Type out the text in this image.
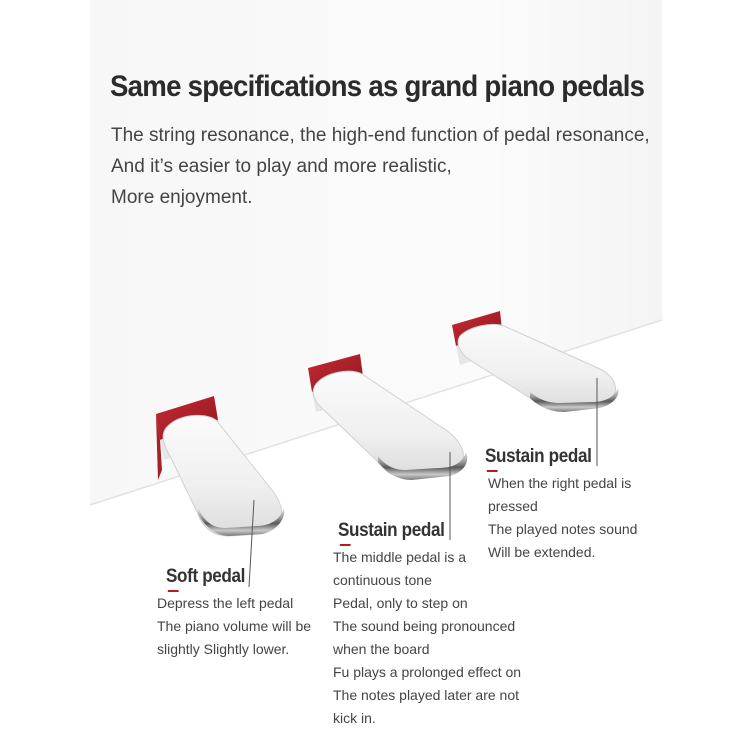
Same specifications as grand piano pedals
The string resonance, the high-end function of pedal resonance,
And it’s easier to play and more realistic,
More enjoyment.
Soft pedal
Depress the left pedal
The piano volume will be
slightly Slightly lower.
Sustain pedal
The middle pedal is a
continuous tone
Pedal, only to step on
The sound being pronounced
when the board
Fu plays a prolonged effect on
The notes played later are not
kick in.
Sustain pedal
When the right pedal is
pressed
The played notes sound
Will be extended.
